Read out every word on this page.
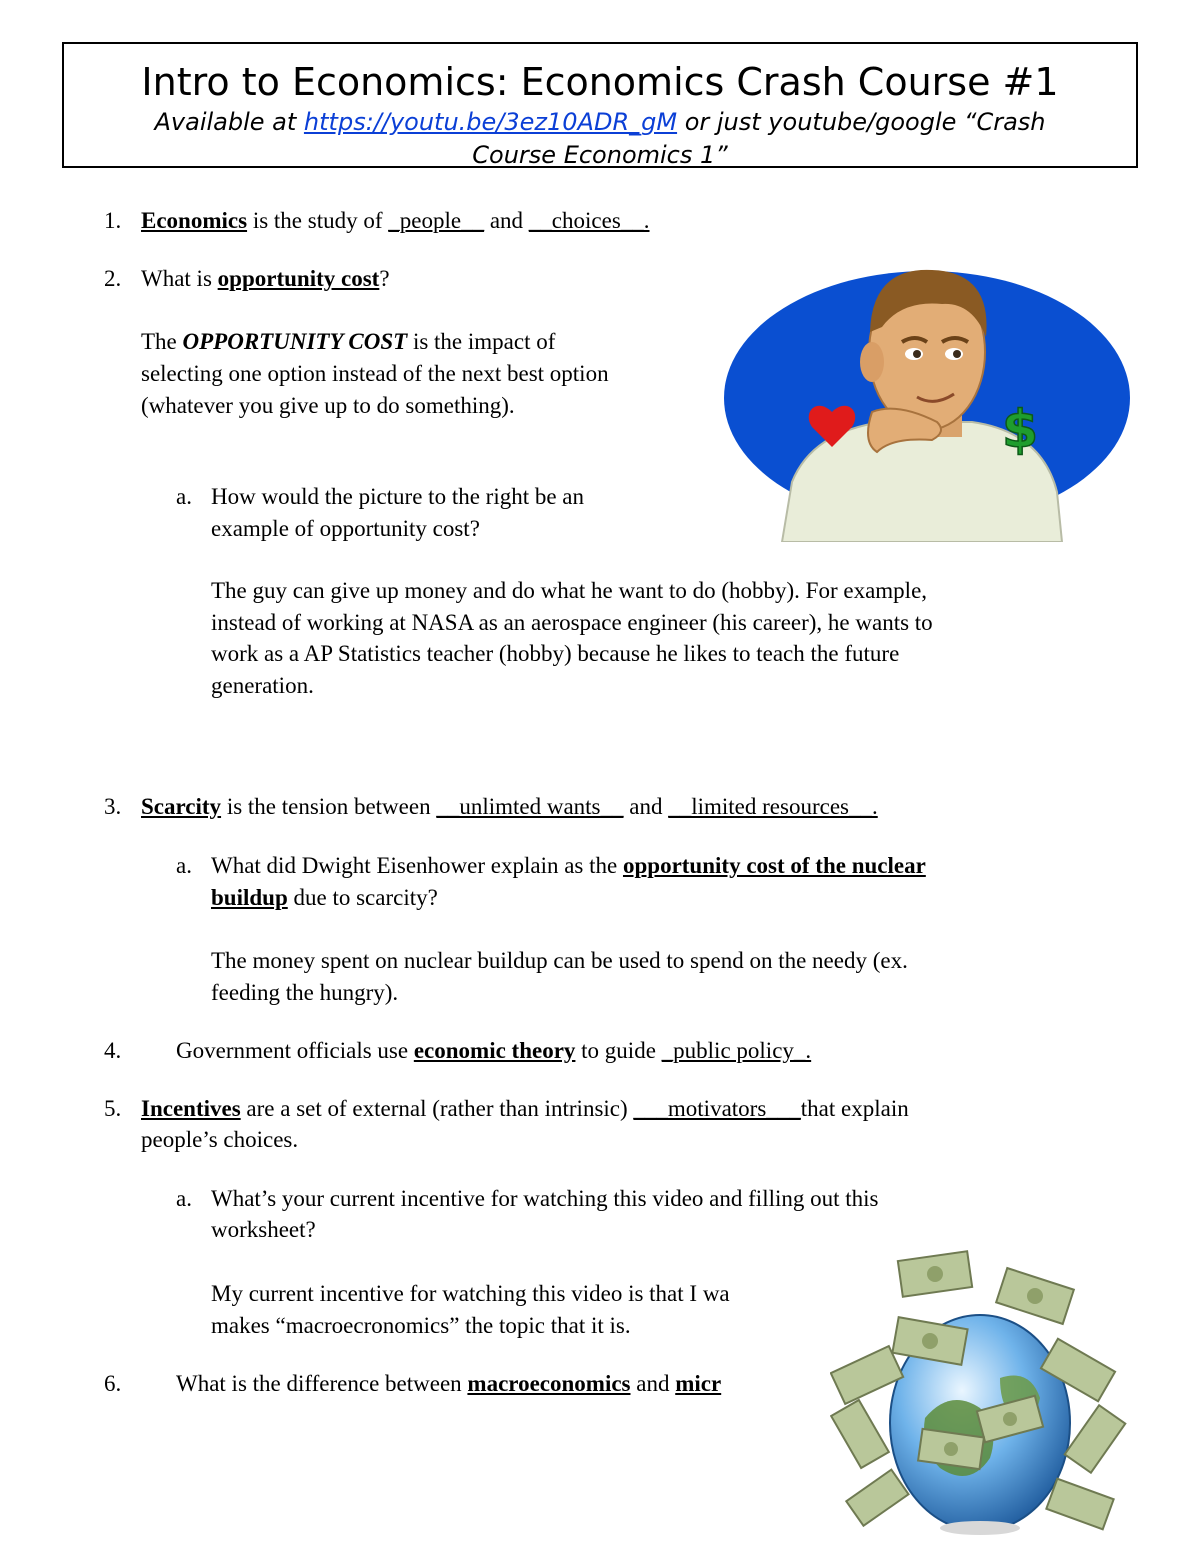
Intro to Economics: Economics Crash Course #1
Available at https://youtu.be/3ez10ADR_gM or just youtube/google “Crash
Course Economics 1”
1. Economics is the study of _people__ and __choices__.
2. What is opportunity cost?
The OPPORTUNITY COST is the impact of
selecting one option instead of the next best option
(whatever you give up to do something).
a. How would the picture to the right be an
example of opportunity cost?
The guy can give up money and do what he want to do (hobby). For example,
instead of working at NASA as an aerospace engineer (his career), he wants to
work as a AP Statistics teacher (hobby) because he likes to teach the future
generation.
$
3. Scarcity is the tension between __unlimted wants__ and __limited resources__.
a. What did Dwight Eisenhower explain as the opportunity cost of the nuclear
buildup due to scarcity?
The money spent on nuclear buildup can be used to spend on the needy (ex.
feeding the hungry).
4. Government officials use economic theory to guide _public policy_.
5. Incentives are a set of external (rather than intrinsic) ___motivators___that explain
people’s choices.
a. What’s your current incentive for watching this video and filling out this
worksheet?
My current incentive for watching this video is that I wa
makes “macroecronomics” the topic that it is.
6. What is the difference between macroeconomics and micr
